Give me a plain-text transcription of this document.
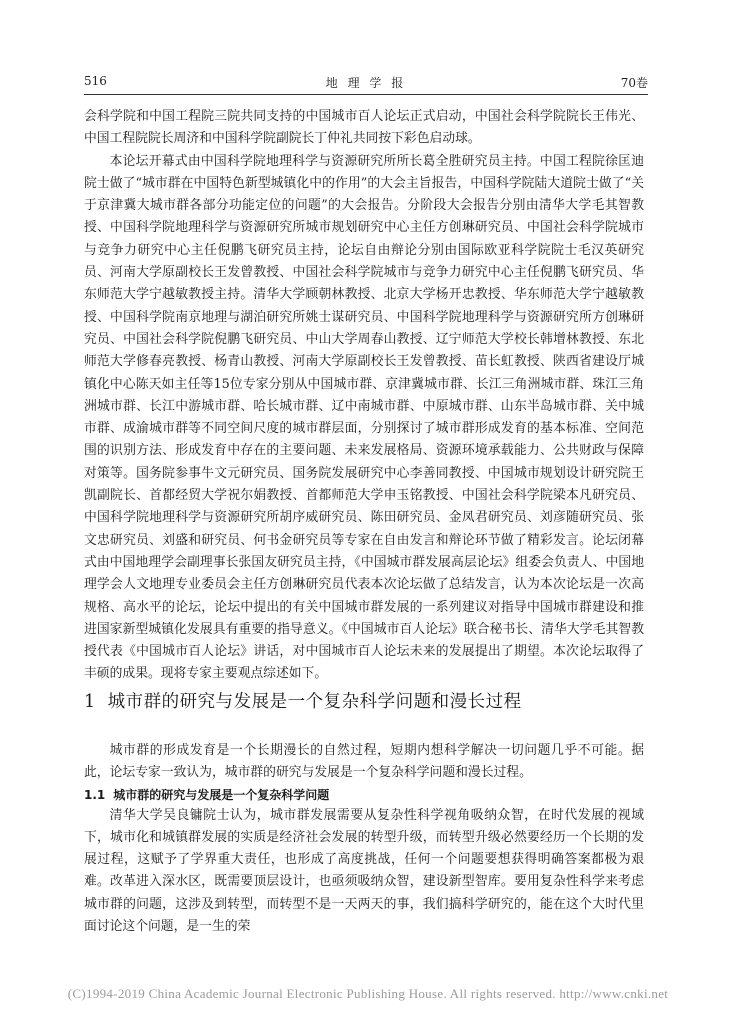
516	地 理 学 报	70卷

会科学院和中国工程院三院共同支持的中国城市百人论坛正式启动，中国社会科学院院长王伟光、中国工程院院长周济和中国科学院副院长丁仲礼共同按下彩色启动球。

本论坛开幕式由中国科学院地理科学与资源研究所所长葛全胜研究员主持。中国工程院徐匡迪院士做了“城市群在中国特色新型城镇化中的作用”的大会主旨报告，中国科学院陆大道院士做了“关于京津冀大城市群各部分功能定位的问题”的大会报告。分阶段大会报告分别由清华大学毛其智教授、中国科学院地理科学与资源研究所城市规划研究中心主任方创琳研究员、中国社会科学院城市与竞争力研究中心主任倪鹏飞研究员主持，论坛自由辩论分别由国际欧亚科学院院士毛汉英研究员、河南大学原副校长王发曾教授、中国社会科学院城市与竞争力研究中心主任倪鹏飞研究员、华东师范大学宁越敏教授主持。清华大学顾朝林教授、北京大学杨开忠教授、华东师范大学宁越敏教授、中国科学院南京地理与湖泊研究所姚士谋研究员、中国科学院地理科学与资源研究所方创琳研究员、中国社会科学院倪鹏飞研究员、中山大学周春山教授、辽宁师范大学校长韩增林教授、东北师范大学修春亮教授、杨青山教授、河南大学原副校长王发曾教授、苗长虹教授、陕西省建设厅城镇化中心陈天如主任等15位专家分别从中国城市群、京津冀城市群、长江三角洲城市群、珠江三角洲城市群、长江中游城市群、哈长城市群、辽中南城市群、中原城市群、山东半岛城市群、关中城市群、成渝城市群等不同空间尺度的城市群层面，分别探讨了城市群形成发育的基本标准、空间范围的识别方法、形成发育中存在的主要问题、未来发展格局、资源环境承载能力、公共财政与保障对策等。国务院参事牛文元研究员、国务院发展研究中心李善同教授、中国城市规划设计研究院王凯副院长、首都经贸大学祝尔娟教授、首都师范大学申玉铭教授、中国社会科学院梁本凡研究员、中国科学院地理科学与资源研究所胡序威研究员、陈田研究员、金凤君研究员、刘彦随研究员、张文忠研究员、刘盛和研究员、何书金研究员等专家在自由发言和辩论环节做了精彩发言。论坛闭幕式由中国地理学会副理事长张国友研究员主持，《中国城市群发展高层论坛》组委会负责人、中国地理学会人文地理专业委员会主任方创琳研究员代表本次论坛做了总结发言，认为本次论坛是一次高规格、高水平的论坛，论坛中提出的有关中国城市群发展的一系列建议对指导中国城市群建设和推进国家新型城镇化发展具有重要的指导意义。《中国城市百人论坛》联合秘书长、清华大学毛其智教授代表《中国城市百人论坛》讲话，对中国城市百人论坛未来的发展提出了期望。本次论坛取得了丰硕的成果。现将专家主要观点综述如下。

1 城市群的研究与发展是一个复杂科学问题和漫长过程

城市群的形成发育是一个长期漫长的自然过程，短期内想科学解决一切问题几乎不可能。据此，论坛专家一致认为，城市群的研究与发展是一个复杂科学问题和漫长过程。

1.1 城市群的研究与发展是一个复杂科学问题

清华大学吴良镛院士认为，城市群发展需要从复杂性科学视角吸纳众智，在时代发展的视域下，城市化和城镇群发展的实质是经济社会发展的转型升级，而转型升级必然要经历一个长期的发展过程，这赋予了学界重大责任，也形成了高度挑战，任何一个问题要想获得明确答案都极为艰难。改革进入深水区，既需要顶层设计，也亟须吸纳众智，建设新型智库。要用复杂性科学来考虑城市群的问题，这涉及到转型，而转型不是一天两天的事，我们搞科学研究的，能在这个大时代里面讨论这个问题，是一生的荣

(C)1994-2019 China Academic Journal Electronic Publishing House. All rights reserved. http://www.cnki.net
